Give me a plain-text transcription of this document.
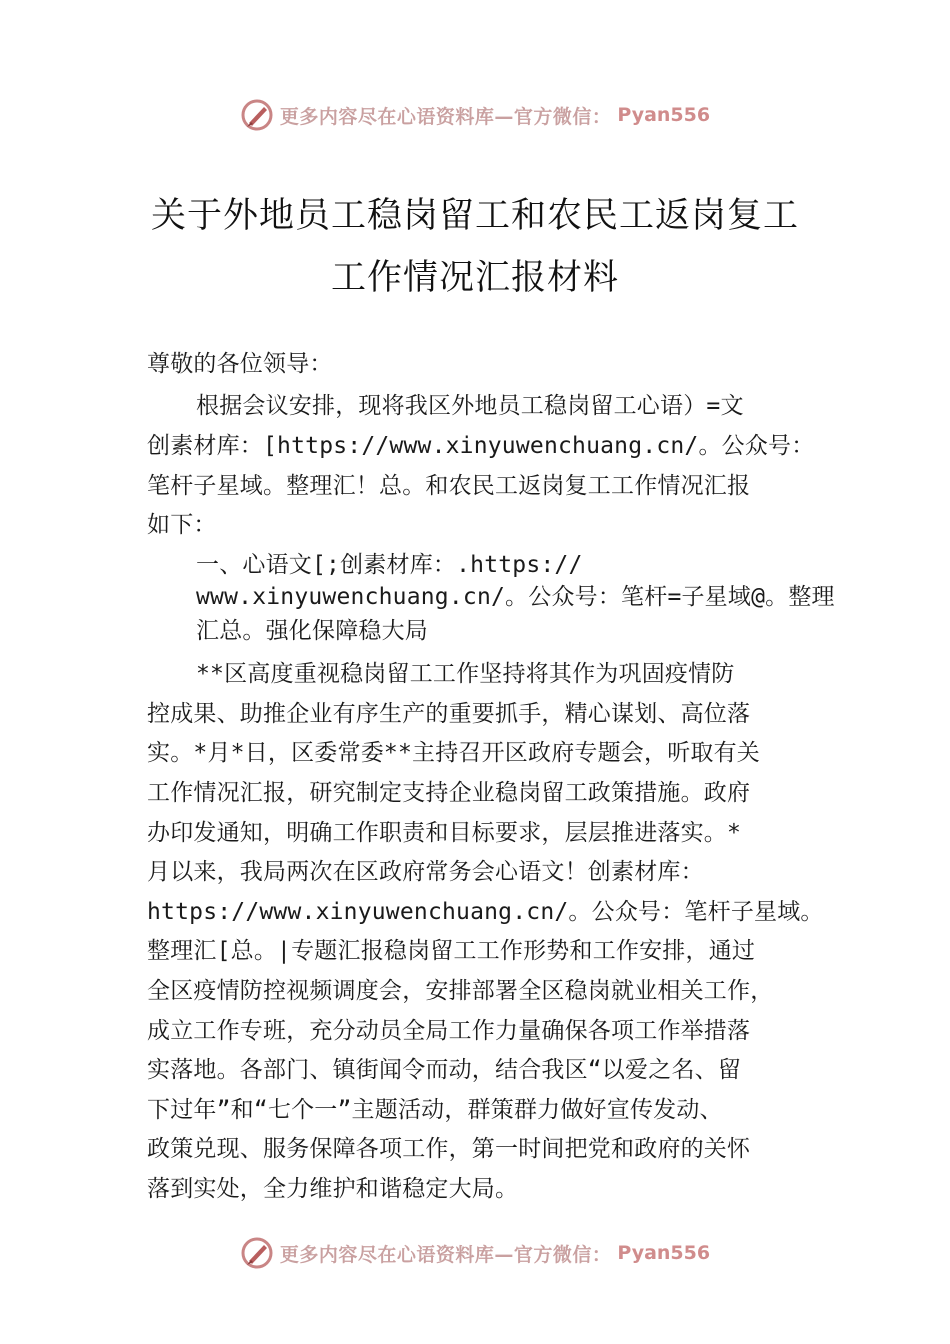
更多内容尽在心语资料库—官方微信： Pyan556
关于外地员工稳岗留工和农民工返岗复工
工作情况汇报材料
尊敬的各位领导：
根据会议安排，现将我区外地员工稳岗留工心语）=文
创素材库：[https://www.xinyuwenchuang.cn/。公众号：
笔杆子星域。整理汇！总。和农民工返岗复工工作情况汇报
如下：
一、心语文[;创素材库：.https://
www.xinyuwenchuang.cn/。公众号：笔杆=子星域@。整理
汇总。强化保障稳大局
**区高度重视稳岗留工工作坚持将其作为巩固疫情防
控成果、助推企业有序生产的重要抓手，精心谋划、高位落
实。*月*日，区委常委**主持召开区政府专题会，听取有关
工作情况汇报，研究制定支持企业稳岗留工政策措施。政府
办印发通知，明确工作职责和目标要求，层层推进落实。*
月以来，我局两次在区政府常务会心语文！创素材库：
https://www.xinyuwenchuang.cn/。公众号：笔杆子星域。
整理汇[总。|专题汇报稳岗留工工作形势和工作安排，通过
全区疫情防控视频调度会，安排部署全区稳岗就业相关工作，
成立工作专班，充分动员全局工作力量确保各项工作举措落
实落地。各部门、镇街闻令而动，结合我区“以爱之名、留
下过年”和“七个一”主题活动，群策群力做好宣传发动、
政策兑现、服务保障各项工作，第一时间把党和政府的关怀
落到实处，全力维护和谐稳定大局。
更多内容尽在心语资料库—官方微信： Pyan556
